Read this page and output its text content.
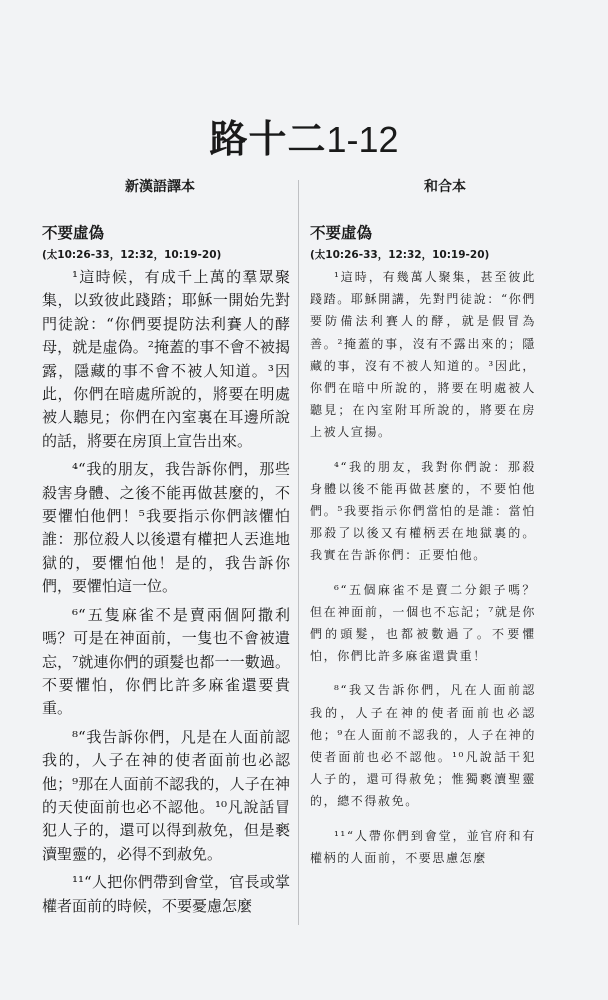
路十二1-12
新漢語譯本	和合本
不要虛偽
(太10:26-33，12:32，10:19-20)
¹這時候，有成千上萬的羣眾聚集，以致彼此踐踏；耶穌一開始先對門徒說：“你們要提防法利賽人的酵母，就是虛偽。²掩蓋的事不會不被揭露，隱藏的事不會不被人知道。³因此，你們在暗處所說的，將要在明處被人聽見；你們在內室裏在耳邊所說的話，將要在房頂上宣告出來。
⁴“我的朋友，我告訴你們，那些殺害身體、之後不能再做甚麼的，不要懼怕他們！⁵我要指示你們該懼怕誰：那位殺人以後還有權把人丟進地獄的，要懼怕他！是的，我告訴你們，要懼怕這一位。
⁶“五隻麻雀不是賣兩個阿撒利嗎？可是在神面前，一隻也不會被遺忘，⁷就連你們的頭髮也都一一數過。不要懼怕，你們比許多麻雀還要貴重。
⁸“我告訴你們，凡是在人面前認我的，人子在神的使者面前也必認他；⁹那在人面前不認我的，人子在神的天使面前也必不認他。¹⁰凡說話冒犯人子的，還可以得到赦免，但是褻瀆聖靈的，必得不到赦免。
¹¹“人把你們帶到會堂，官長或掌權者面前的時候，不要憂慮怎麼
不要虛偽
(太10:26-33，12:32，10:19-20)
¹這時，有幾萬人聚集，甚至彼此踐踏。耶穌開講，先對門徒說：“你們要防備法利賽人的酵，就是假冒為善。²掩蓋的事，沒有不露出來的；隱藏的事，沒有不被人知道的。³因此，你們在暗中所說的，將要在明處被人聽見；在內室附耳所說的，將要在房上被人宣揚。
⁴“我的朋友，我對你們說：那殺身體以後不能再做甚麼的，不要怕他們。⁵我要指示你們當怕的是誰：當怕那殺了以後又有權柄丟在地獄裏的。我實在告訴你們：正要怕他。
⁶“五個麻雀不是賣二分銀子嗎？但在神面前，一個也不忘記；⁷就是你們的頭髮，也都被數過了。不要懼怕，你們比許多麻雀還貴重！
⁸“我又告訴你們，凡在人面前認我的，人子在神的使者面前也必認他；⁹在人面前不認我的，人子在神的使者面前也必不認他。¹⁰凡說話干犯人子的，還可得赦免；惟獨褻瀆聖靈的，總不得赦免。
¹¹“人帶你們到會堂，並官府和有權柄的人面前，不要思慮怎麼
